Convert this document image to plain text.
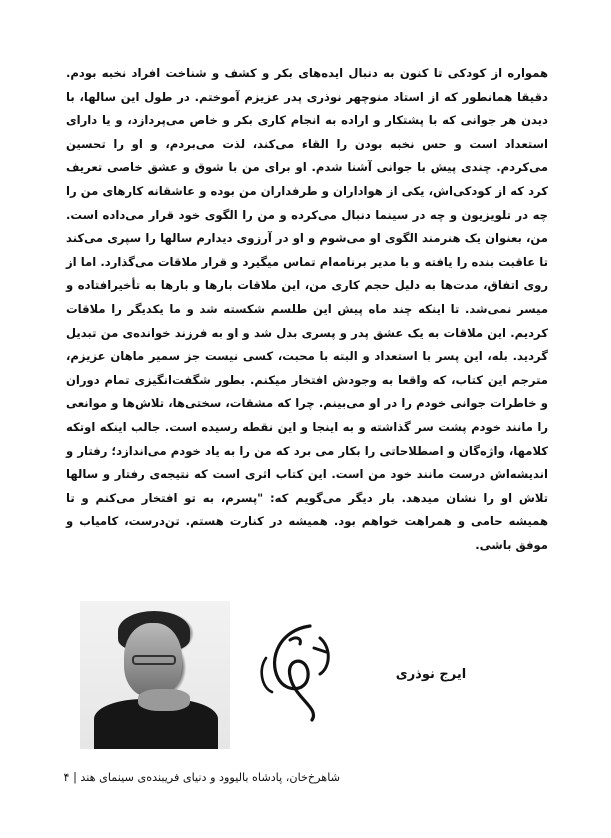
همواره از کودکی تا کنون به دنبال ایده‌های بکر و کشف و شناخت افراد نخبه بودم. دقیقا همانطور که از استاد منوچهر نوذری پدر عزیزم آموختم. در طول این سالها، با دیدن هر جوانی که با پشتکار و اراده به انجام کاری بکر و خاص می‌پردازد، و یا دارای استعداد است و حس نخبه بودن را القاء می‌کند، لذت می‌بردم، و او را تحسین می‌کردم. چندی پیش با جوانی آشنا شدم. او برای من با شوق و عشق خاصی تعریف کرد که از کودکی‌اش، یکی از هواداران و طرفداران من بوده و عاشقانه کارهای من را چه در تلویزیون و چه در سینما دنبال می‌کرده و من را الگوی خود قرار می‌داده است. من، بعنوان یک هنرمند الگوی او می‌شوم و او در آرزوی دیدارم سالها را سپری می‌کند تا عاقبت بنده را یافته و با مدیر برنامه‌ام تماس میگیرد و قرار ملاقات می‌گذارد. اما از روی اتفاق، مدت‌ها به دلیل حجم کاری من، این ملاقات بارها و بارها به تأخیرافتاده و میسر نمی‌شد. تا اینکه چند ماه پیش این طلسم شکسته شد و ما یکدیگر را ملاقات کردیم. این ملاقات به یک عشق پدر و پسری بدل شد و او به فرزند خوانده‌ی من تبدیل گردید. بله، این پسر با استعداد و البته با محبت، کسی نیست جز سمیر ماهان عزیزم، مترجم این کتاب، که واقعا به وجودش افتخار میکنم. بطور شگفت‌انگیزی تمام دوران و خاطرات جوانی خودم را در او می‌بینم. چرا که مشقات، سختی‌ها، تلاش‌ها و موانعی را مانند خودم پشت سر گذاشته و به اینجا و این نقطه رسیده است. جالب اینکه اوتکه کلامها، واژه‌گان و اصطلاحاتی را بکار می برد که من را به یاد خودم می‌اندازد؛ رفتار و اندیشه‌اش درست مانند خود من است. این کتاب اثری است که نتیجه‌ی رفتار و سالها تلاش او را نشان میدهد. بار دیگر می‌گویم که: "پسرم، به تو افتخار می‌کنم و تا همیشه حامی و همراهت خواهم بود. همیشه در کنارت هستم. تن‌درست، کامیاب و موفق باشی.

ایرج نوذری
شاهرخ‌خان، پادشاه بالیوود و دنیای فریبنده‌ی سینمای هند | ۴
